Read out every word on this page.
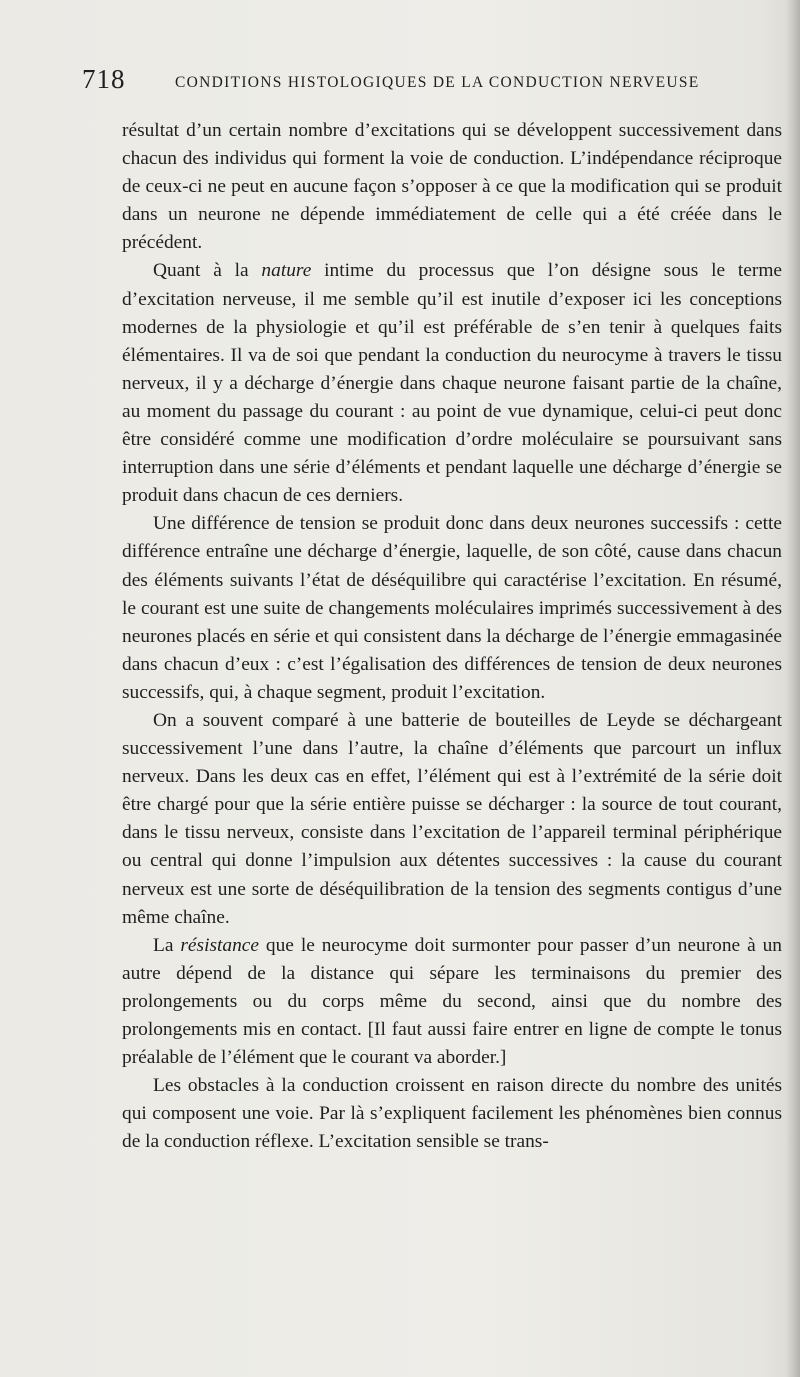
718	CONDITIONS HISTOLOGIQUES DE LA CONDUCTION NERVEUSE

résultat d’un certain nombre d’excitations qui se développent successivement dans chacun des individus qui forment la voie de conduction. L’indépendance réciproque de ceux-ci ne peut en aucune façon s’opposer à ce que la modification qui se produit dans un neurone ne dépende immédiatement de celle qui a été créée dans le précédent.

Quant à la nature intime du processus que l’on désigne sous le terme d’excitation nerveuse, il me semble qu’il est inutile d’exposer ici les conceptions modernes de la physiologie et qu’il est préférable de s’en tenir à quelques faits élémentaires. Il va de soi que pendant la conduction du neurocyme à travers le tissu nerveux, il y a décharge d’énergie dans chaque neurone faisant partie de la chaîne, au moment du passage du courant : au point de vue dynamique, celui-ci peut donc être considéré comme une modification d’ordre moléculaire se poursuivant sans interruption dans une série d’éléments et pendant laquelle une décharge d’énergie se produit dans chacun de ces derniers.

Une différence de tension se produit donc dans deux neurones successifs : cette différence entraîne une décharge d’énergie, laquelle, de son côté, cause dans chacun des éléments suivants l’état de déséquilibre qui caractérise l’excitation. En résumé, le courant est une suite de changements moléculaires imprimés successivement à des neurones placés en série et qui consistent dans la décharge de l’énergie emmagasinée dans chacun d’eux : c’est l’égalisation des différences de tension de deux neurones successifs, qui, à chaque segment, produit l’excitation.

On a souvent comparé à une batterie de bouteilles de Leyde se déchargeant successivement l’une dans l’autre, la chaîne d’éléments que parcourt un influx nerveux. Dans les deux cas en effet, l’élément qui est à l’extrémité de la série doit être chargé pour que la série entière puisse se décharger : la source de tout courant, dans le tissu nerveux, consiste dans l’excitation de l’appareil terminal périphérique ou central qui donne l’impulsion aux détentes successives : la cause du courant nerveux est une sorte de déséquilibration de la tension des segments contigus d’une même chaîne.

La résistance que le neurocyme doit surmonter pour passer d’un neurone à un autre dépend de la distance qui sépare les terminaisons du premier des prolongements ou du corps même du second, ainsi que du nombre des prolongements mis en contact. [Il faut aussi faire entrer en ligne de compte le tonus préalable de l’élément que le courant va aborder.]

Les obstacles à la conduction croissent en raison directe du nombre des unités qui composent une voie. Par là s’expliquent facilement les phénomènes bien connus de la conduction réflexe. L’excitation sensible se trans-
